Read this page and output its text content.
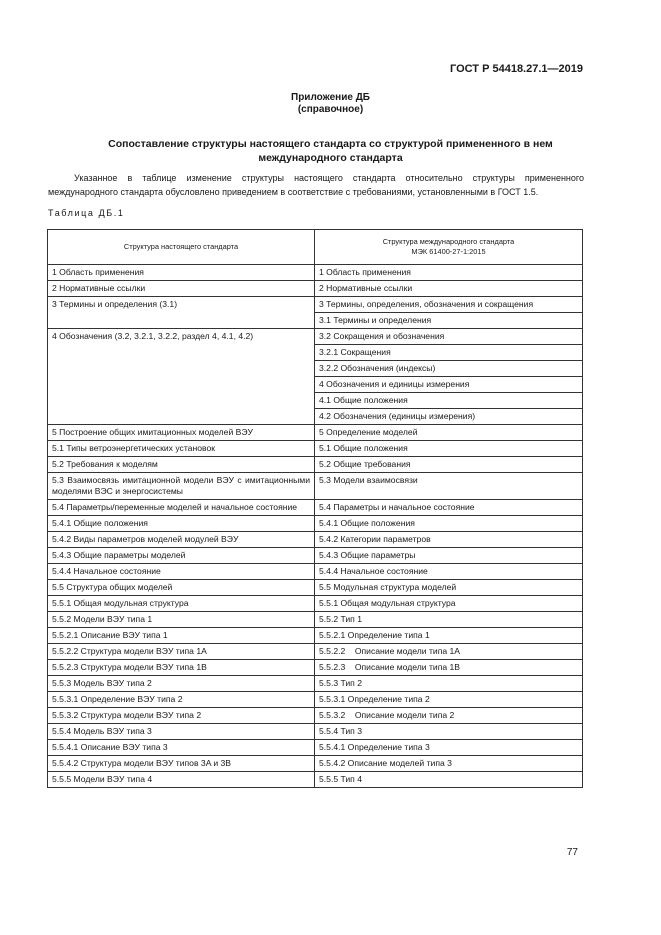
ГОСТ Р 54418.27.1—2019
Приложение ДБ
(справочное)
Сопоставление структуры настоящего стандарта со структурой примененного в нем
международного стандарта
Указанное в таблице изменение структуры настоящего стандарта относительно структуры примененного международного стандарта обусловлено приведением в соответствие с требованиями, установленными в ГОСТ 1.5.
Таблица ДБ.1
Структура настоящего стандарта	Структура международного стандарта
МЭК 61400-27-1:2015

1 Область применения	1 Область применения
2 Нормативные ссылки	2 Нормативные ссылки
3 Термины и определения (3.1)	3 Термины, определения, обозначения и сокращения
	3.1 Термины и определения
4 Обозначения (3.2, 3.2.1, 3.2.2, раздел 4, 4.1, 4.2)	3.2 Сокращения и обозначения
	3.2.1 Сокращения
	3.2.2 Обозначения (индексы)
	4 Обозначения и единицы измерения
	4.1 Общие положения
	4.2 Обозначения (единицы измерения)
5 Построение общих имитационных моделей ВЭУ	5 Определение моделей
5.1 Типы ветроэнергетических установок	5.1 Общие положения
5.2 Требования к моделям	5.2 Общие требования
5.3 Взаимосвязь имитационной модели ВЭУ с имитационными моделями ВЭС и энергосистемы	5.3 Модели взаимосвязи
5.4 Параметры/переменные моделей и начальное состояние	5.4 Параметры и начальное состояние
5.4.1 Общие положения	5.4.1 Общие положения
5.4.2 Виды параметров моделей модулей ВЭУ	5.4.2 Категории параметров
5.4.3 Общие параметры моделей	5.4.3 Общие параметры
5.4.4 Начальное состояние	5.4.4 Начальное состояние
5.5 Структура общих моделей	5.5 Модульная структура моделей
5.5.1 Общая модульная структура	5.5.1 Общая модульная структура
5.5.2 Модели ВЭУ типа 1	5.5.2 Тип 1
5.5.2.1 Описание ВЭУ типа 1	5.5.2.1 Определение типа 1
5.5.2.2 Структура модели ВЭУ типа 1A	5.5.2.2    Описание модели типа 1A
5.5.2.3 Структура модели ВЭУ типа 1B	5.5.2.3    Описание модели типа 1B
5.5.3 Модель ВЭУ типа 2	5.5.3 Тип 2
5.5.3.1 Определение ВЭУ типа 2	5.5.3.1 Определение типа 2
5.5.3.2 Структура модели ВЭУ типа 2	5.5.3.2    Описание модели типа 2
5.5.4 Модель ВЭУ типа 3	5.5.4 Тип 3
5.5.4.1 Описание ВЭУ типа 3	5.5.4.1 Определение типа 3
5.5.4.2 Структура модели ВЭУ типов 3A и 3B	5.5.4.2 Описание моделей типа 3
5.5.5 Модели ВЭУ типа 4	5.5.5 Тип 4
77
